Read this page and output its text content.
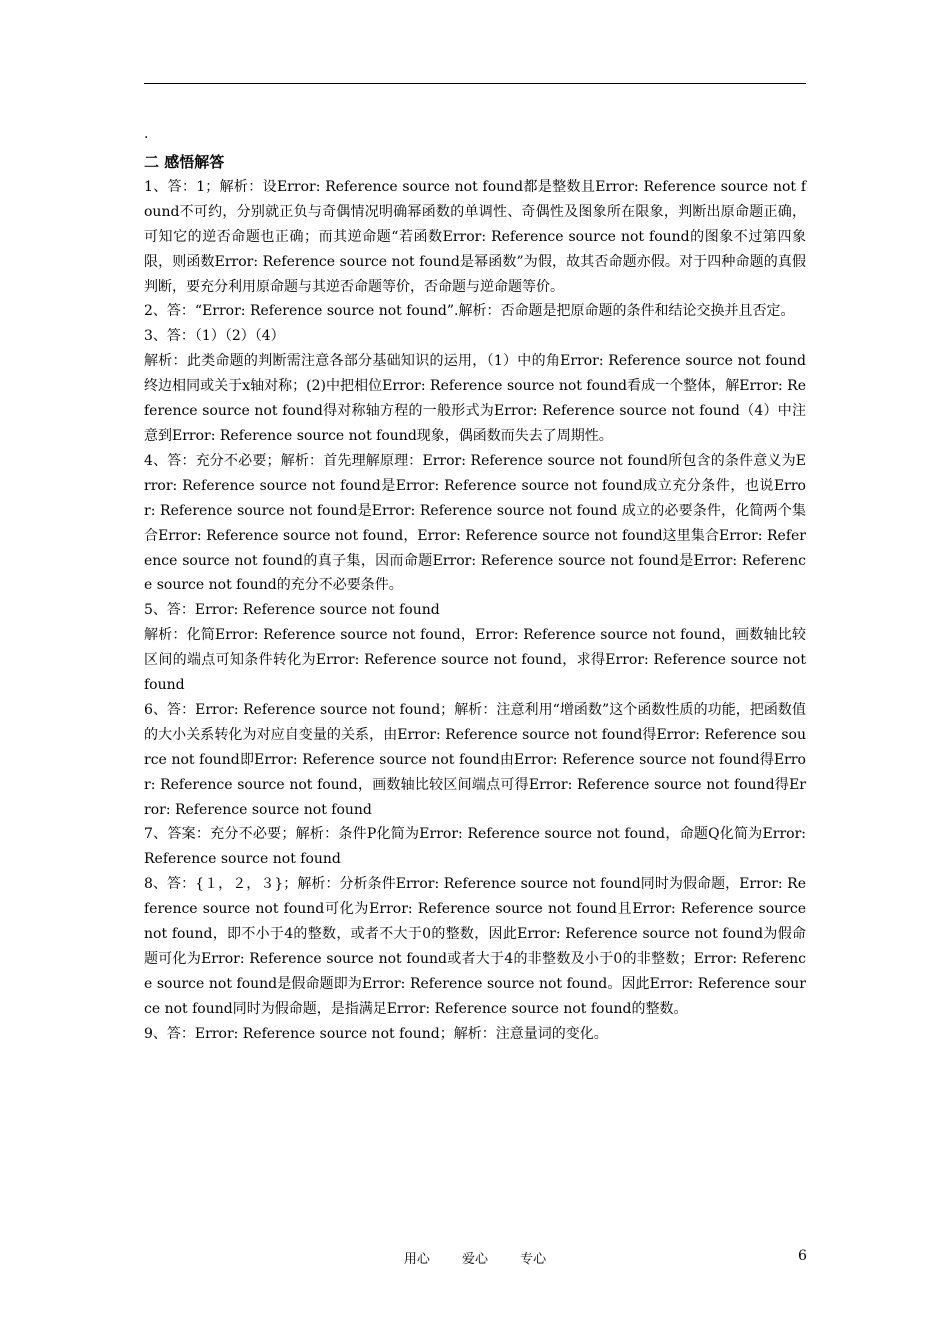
.
二 感悟解答

1、答：1；解析：设Error: Reference source not found都是整数且Error: Reference source not found不可约，分别就正负与奇偶情况明确幂函数的单调性、奇偶性及图象所在限象，判断出原命题正确，可知它的逆否命题也正确；而其逆命题“若函数Error: Reference source not found的图象不过第四象限，则函数Error: Reference source not found是幂函数”为假，故其否命题亦假。对于四种命题的真假判断，要充分利用原命题与其逆否命题等价，否命题与逆命题等价。

2、答：“Error: Reference source not found”.解析：否命题是把原命题的条件和结论交换并且否定。

3、答：（1）（2）（4）

解析：此类命题的判断需注意各部分基础知识的运用，（1）中的角Error: Reference source not found终边相同或关于x轴对称；(2)中把相位Error: Reference source not found看成一个整体，解Error: Reference source not found得对称轴方程的一般形式为Error: Reference source not found（4）中注意到Error: Reference source not found现象，偶函数而失去了周期性。

4、答：充分不必要；解析：首先理解原理：Error: Reference source not found所包含的条件意义为Error: Reference source not found是Error: Reference source not found成立充分条件，也说Error: Reference source not found是Error: Reference source not found 成立的必要条件，化简两个集合Error: Reference source not found，Error: Reference source not found这里集合Error: Reference source not found的真子集，因而命题Error: Reference source not found是Error: Reference source not found的充分不必要条件。

5、答：Error: Reference source not found

解析：化简Error: Reference source not found，Error: Reference source not found，画数轴比较区间的端点可知条件转化为Error: Reference source not found，求得Error: Reference source not found

6、答：Error: Reference source not found；解析：注意利用“增函数”这个函数性质的功能，把函数值的大小关系转化为对应自变量的关系，由Error: Reference source not found得Error: Reference source not found即Error: Reference source not found由Error: Reference source not found得Error: Reference source not found，画数轴比较区间端点可得Error: Reference source not found得Error: Reference source not found

7、答案：充分不必要；解析：条件P化简为Error: Reference source not found，命题Q化简为Error: Reference source not found

8、答：{１，２，３}；解析：分析条件Error: Reference source not found同时为假命题，Error: Reference source not found可化为Error: Reference source not found且Error: Reference source not found，即不小于4的整数，或者不大于0的整数，因此Error: Reference source not found为假命题可化为Error: Reference source not found或者大于4的非整数及小于0的非整数；Error: Reference source not found是假命题即为Error: Reference source not found。因此Error: Reference source not found同时为假命题，是指满足Error: Reference source not found的整数。

9、答：Error: Reference source not found；解析：注意量词的变化。

用心 爱心 专心	6
